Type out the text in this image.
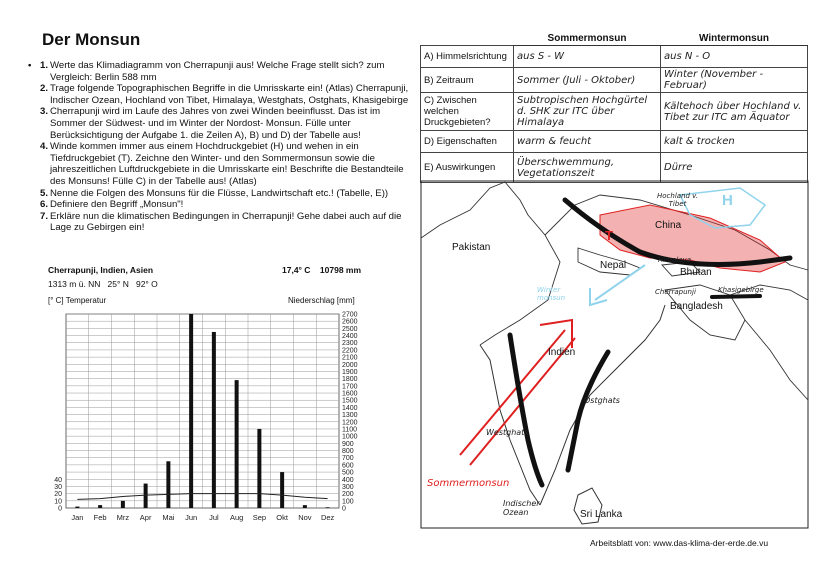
Der Monsun
• 1. Werte das Klimadiagramm von Cherrapunji aus! Welche Frage stellt sich? zum Vergleich: Berlin 588 mm
2. Trage folgende Topographischen Begriffe in die Umrisskarte ein! (Atlas) Cherrapunji, Indischer Ozean, Hochland von Tibet, Himalaya, Westghats, Ostghats, Khasigebirge
3. Cherrapunji wird im Laufe des Jahres von zwei Winden beeinflusst. Das ist im Sommer der Südwest- und im Winter der Nordost- Monsun. Fülle unter Berücksichtigung der Aufgabe 1. die Zeilen A), B) und D) der Tabelle aus!
4. Winde kommen immer aus einem Hochdruckgebiet (H) und wehen in ein Tiefdruckgebiet (T). Zeichne den Winter- und den Sommermonsun sowie die jahreszeitlichen Luftdruckgebiete in die Umrisskarte ein! Beschrifte die Bestandteile des Monsuns! Fülle C) in der Tabelle aus! (Atlas)
5. Nenne die Folgen des Monsuns für die Flüsse, Landwirtschaft etc.! (Tabelle, E))
6. Definiere den Begriff „Monsun"!
7. Erkläre nun die klimatischen Bedingungen in Cherrapunji! Gehe dabei auch auf die Lage zu Gebirgen ein!
	Sommermonsun	Wintermonsun
A) Himmelsrichtung	aus S - W	aus N - O
B) Zeitraum	Sommer (Juli - Oktober)	Winter (November - Februar)
C) Zwischen welchen Druckgebieten?	Subtropischen Hochgürtel d. SHK zur ITC über Himalaya	Kältehoch über Hochland v. Tibet zur ITC am Äquator
D) Eigenschaften	warm & feucht	kalt & trocken
E) Auswirkungen	Überschwemmung, Vegetationszeit	Dürre
Cherrapunji, Indien, Asien	17,4° C 10798 mm
1313 m ü. NN   25° N   92° O
[° C] Temperatur	Niederschlag [mm]
0
100
200
300
400
500
600
700
800
900
1000
1100
1200
1300
1400
1500
1600
1700
1800
1900
2000
2100
2200
2300
2400
2500
2600
2700
0
10
20
30
40
Jan Feb Mrz Apr Mai Jun Jul Aug Sep Okt Nov Dez
Pakistan
China
Nepal
Bhutan
Bangladesh
Indien
Sri Lanka
Hochland v. Tibet
Himalaya
Cherrapunji	Khasigebirge
Winter monsun
Westghats
Ostghats
Indischer Ozean
Sommermonsun
H
T
Arbeitsblatt von: www.das-klima-der-erde.de.vu
